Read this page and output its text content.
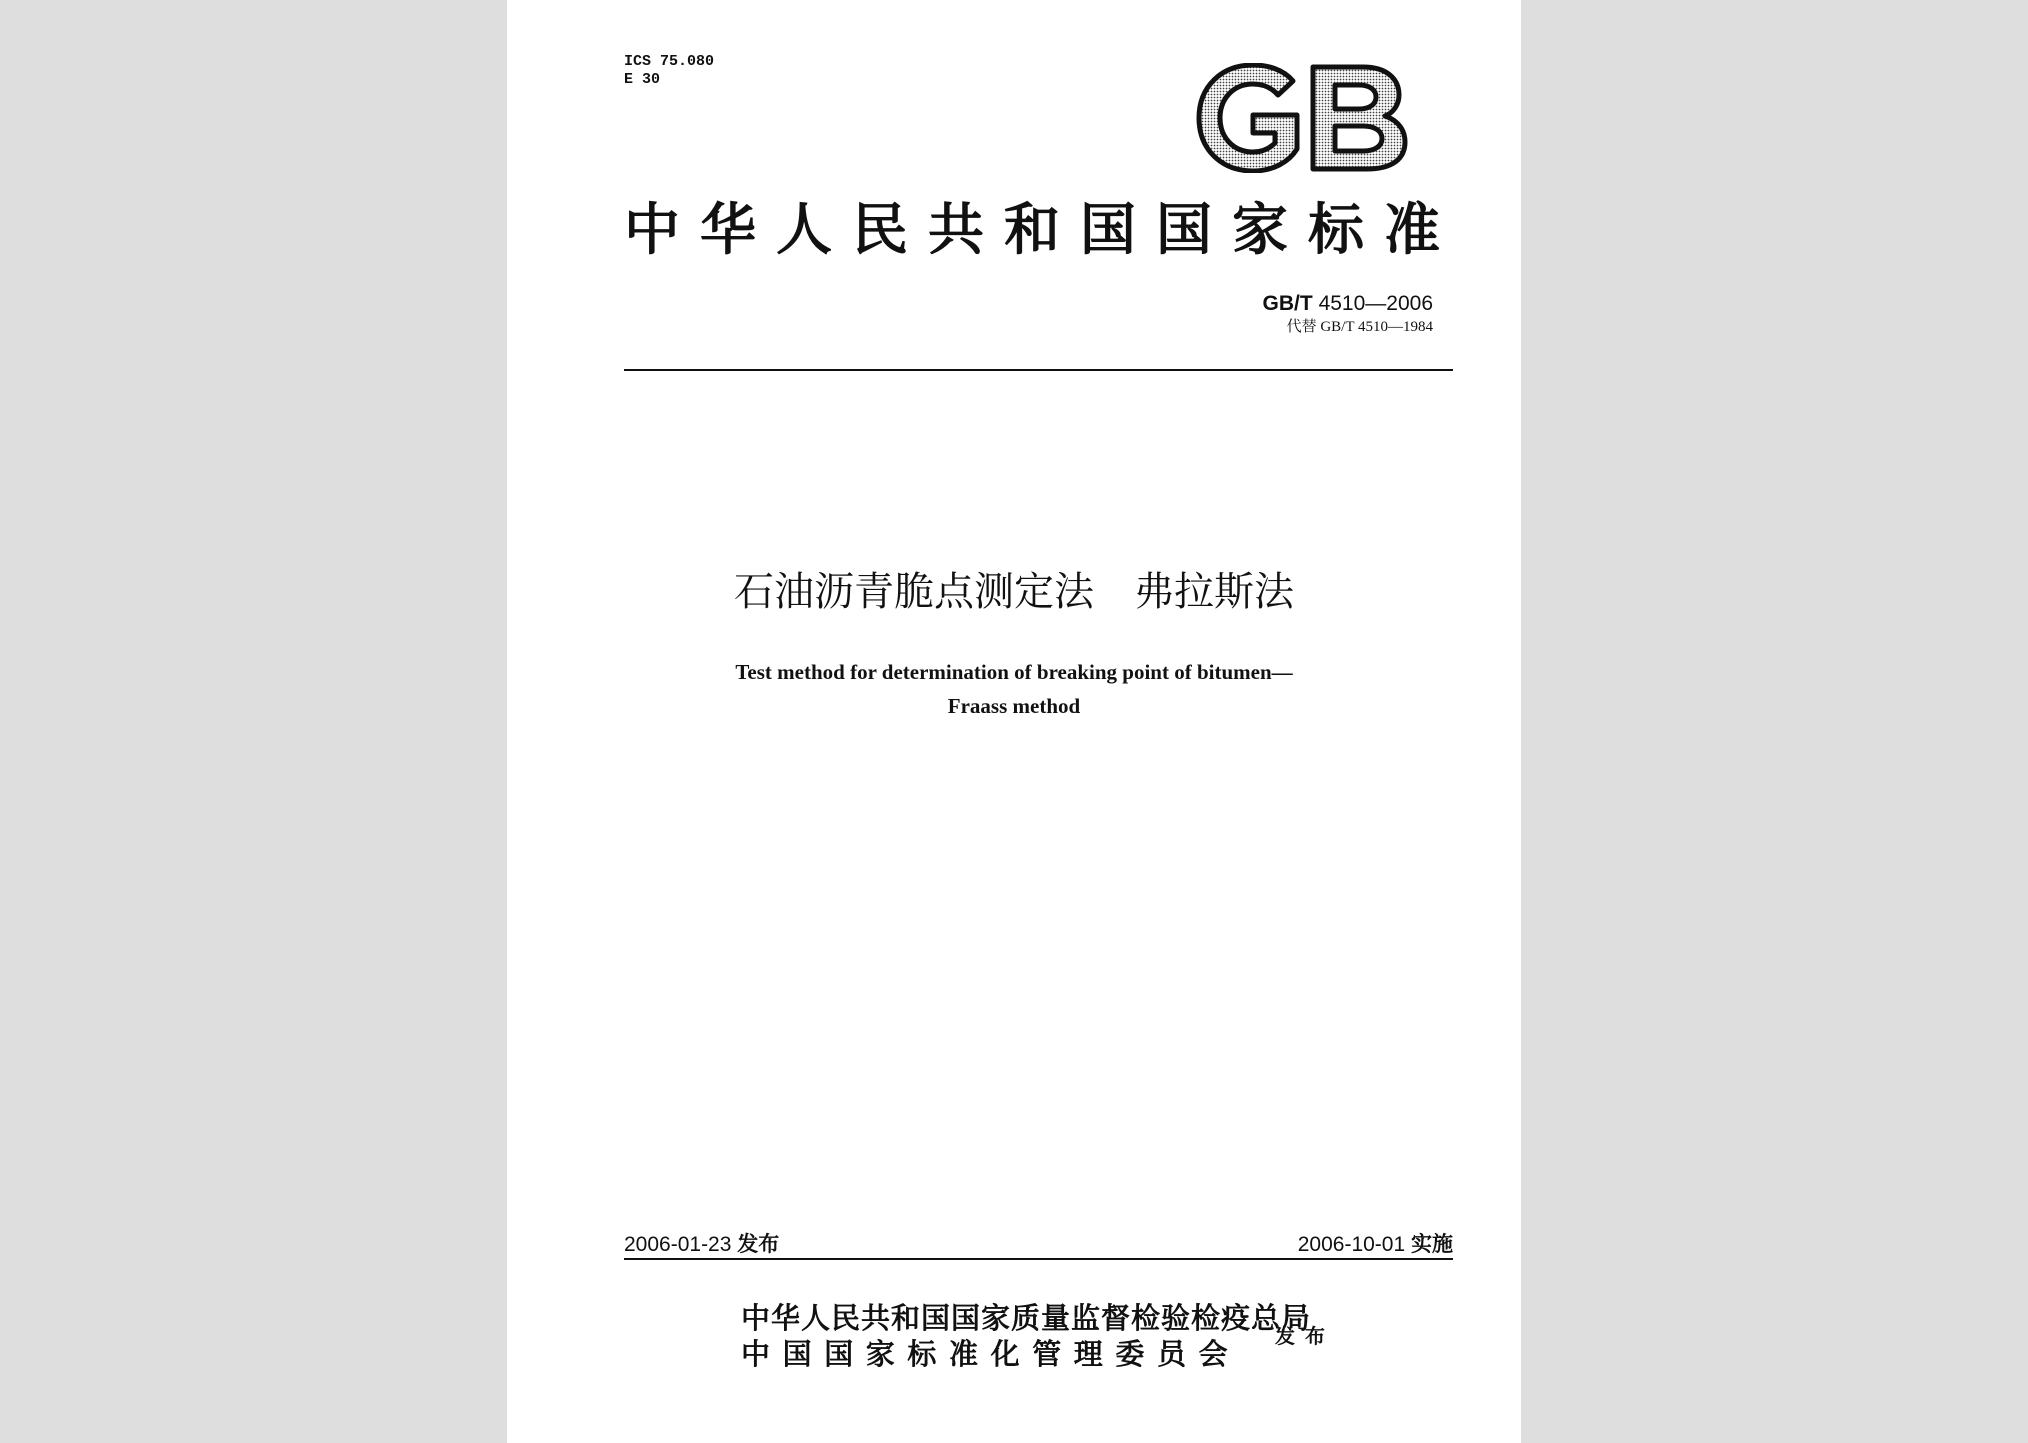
ICS 75.080
E 30
中华人民共和国国家标准
GB/T 4510—2006
代替 GB/T 4510—1984
石油沥青脆点测定法　弗拉斯法
Test method for determination of breaking point of bitumen—
Fraass method
2006-01-23 发布	2006-10-01 实施
中华人民共和国国家质量监督检验检疫总局
中国国家标准化管理委员会
发布
